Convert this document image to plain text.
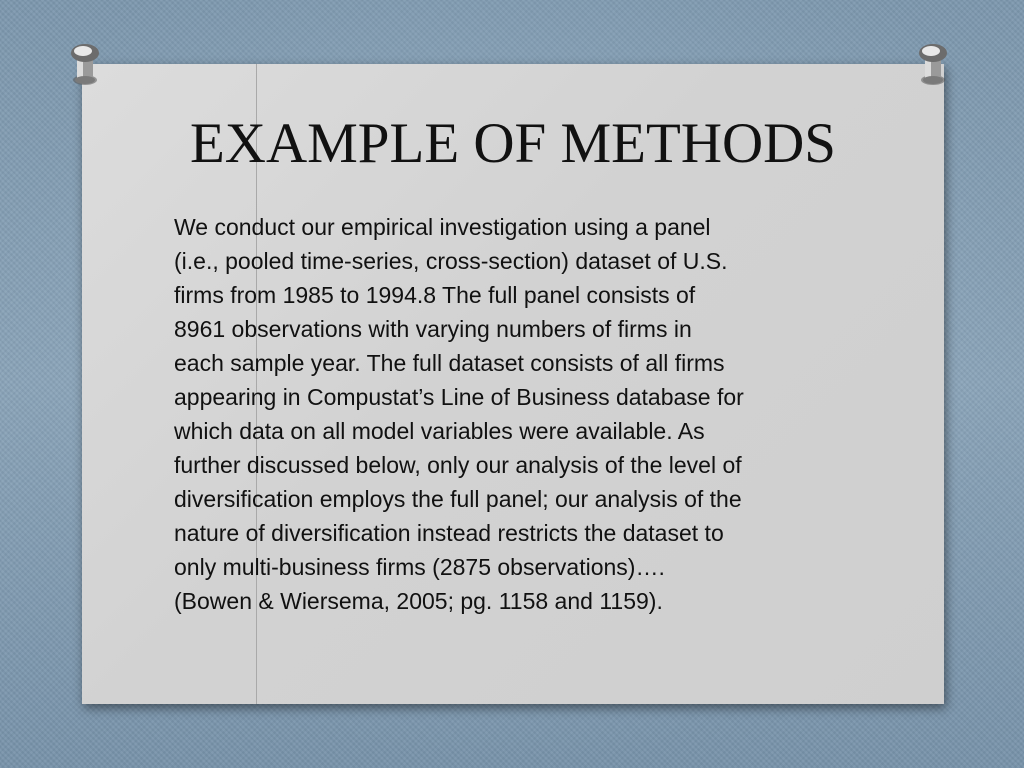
EXAMPLE OF METHODS
We conduct our empirical investigation using a panel
(i.e., pooled time-series, cross-section) dataset of U.S.
firms from 1985 to 1994.8 The full panel consists of
8961 observations with varying numbers of firms in
each sample year. The full dataset consists of all firms
appearing in Compustat’s Line of Business database for
which data on all model variables were available. As
further discussed below, only our analysis of the level of
diversification employs the full panel; our analysis of the
nature of diversification instead restricts the dataset to
only multi-business firms (2875 observations)….
(Bowen & Wiersema, 2005; pg. 1158 and 1159).
